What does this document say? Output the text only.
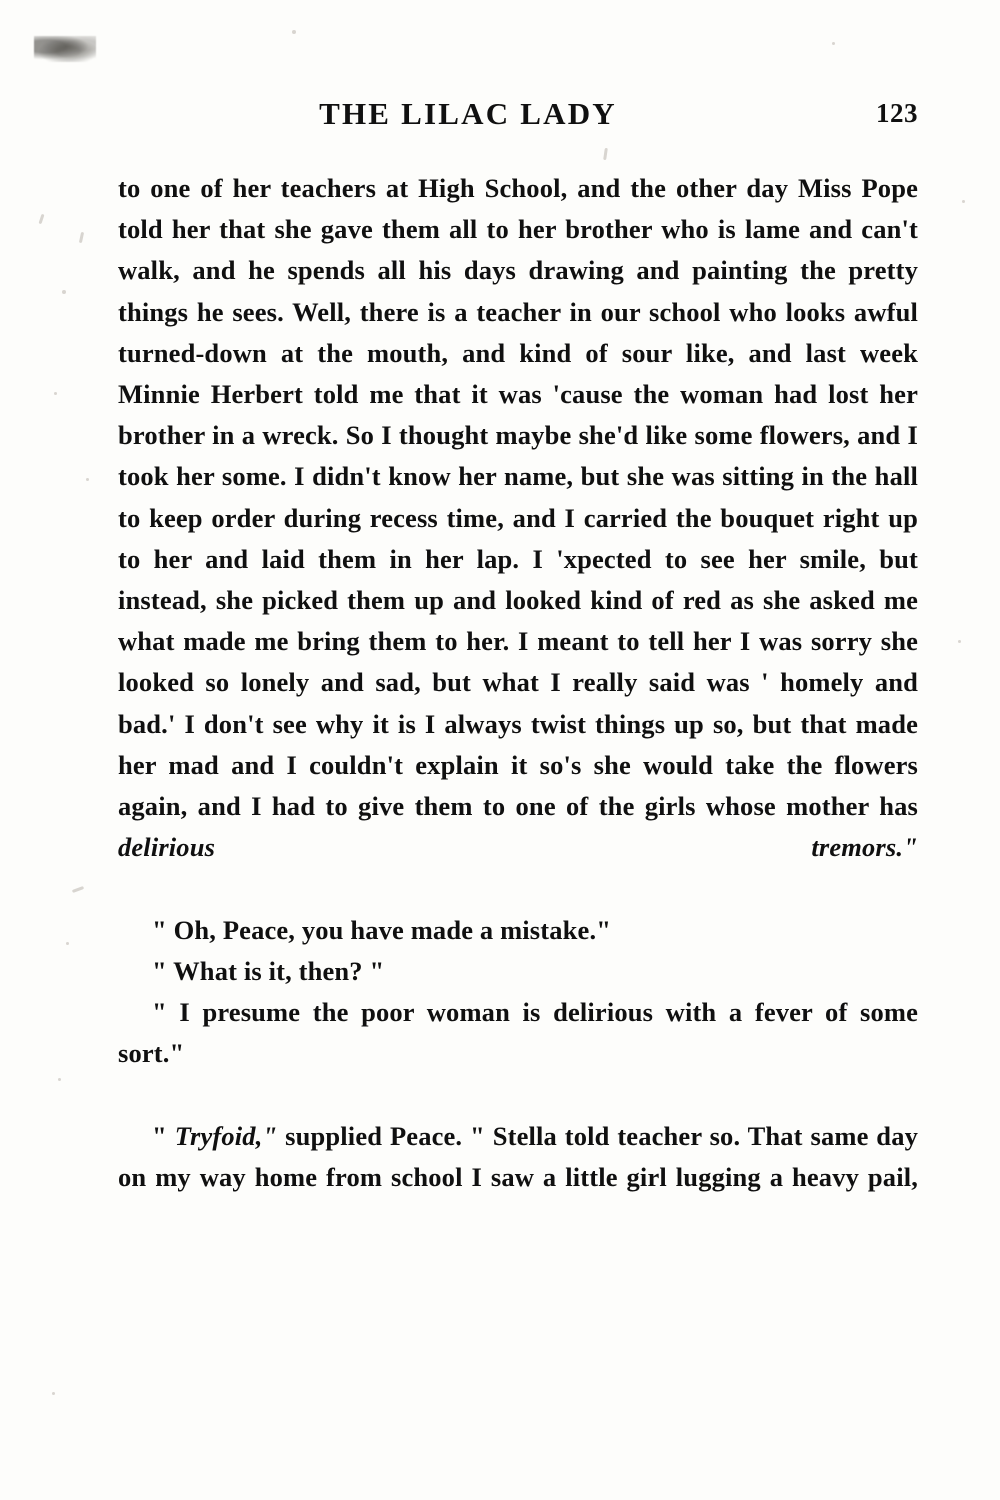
THE LILAC LADY	123

to one of her teachers at High School, and the other day Miss Pope told her that she gave them all to her brother who is lame and can't walk, and he spends all his days drawing and painting the pretty things he sees. Well, there is a teacher in our school who looks awful turned-down at the mouth, and kind of sour like, and last week Minnie Herbert told me that it was 'cause the woman had lost her brother in a wreck. So I thought maybe she'd like some flowers, and I took her some. I didn't know her name, but she was sitting in the hall to keep order during recess time, and I carried the bouquet right up to her and laid them in her lap. I 'xpected to see her smile, but instead, she picked them up and looked kind of red as she asked me what made me bring them to her. I meant to tell her I was sorry she looked so lonely and sad, but what I really said was ' homely and bad.' I don't see why it is I always twist things up so, but that made her mad and I couldn't explain it so's she would take the flowers again, and I had to give them to one of the girls whose mother has delirious tremors."

" Oh, Peace, you have made a mistake."

" What is it, then? "

" I presume the poor woman is delirious with a fever of some sort."

" Tryfoid," supplied Peace. " Stella told teacher so. That same day on my way home from school I saw a little girl lugging a heavy pail,
